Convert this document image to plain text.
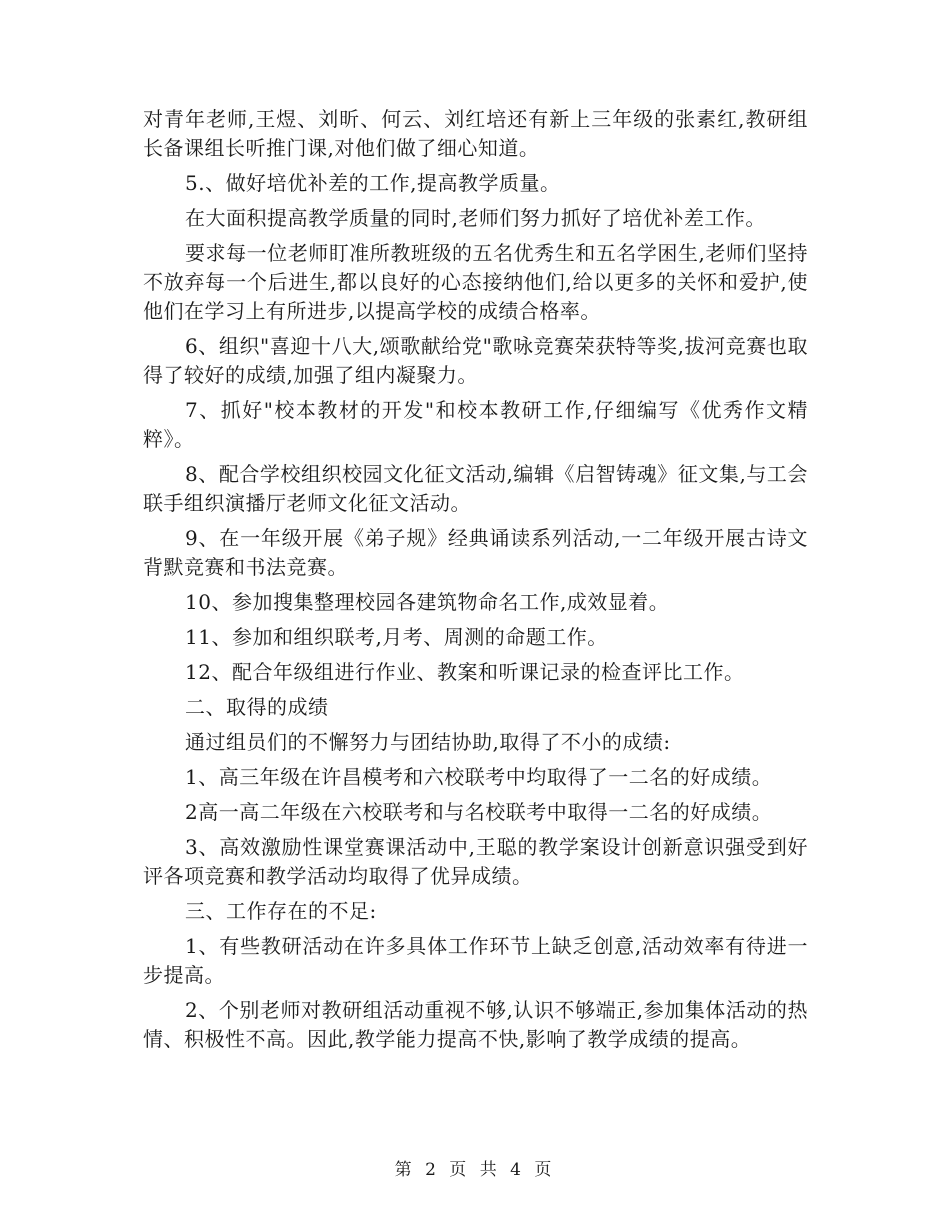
对青年老师,王煜、刘昕、何云、刘红培还有新上三年级的张素红,教研组长备课组长听推门课,对他们做了细心知道。

5.、做好培优补差的工作,提高教学质量。

在大面积提高教学质量的同时,老师们努力抓好了培优补差工作。

要求每一位老师盯准所教班级的五名优秀生和五名学困生,老师们坚持不放弃每一个后进生,都以良好的心态接纳他们,给以更多的关怀和爱护,使他们在学习上有所进步,以提高学校的成绩合格率。

6、组织"喜迎十八大,颂歌献给党"歌咏竞赛荣获特等奖,拔河竞赛也取得了较好的成绩,加强了组内凝聚力。

7、抓好"校本教材的开发"和校本教研工作,仔细编写《优秀作文精粹》。

8、配合学校组织校园文化征文活动,编辑《启智铸魂》征文集,与工会联手组织演播厅老师文化征文活动。

9、在一年级开展《弟子规》经典诵读系列活动,一二年级开展古诗文背默竞赛和书法竞赛。

10、参加搜集整理校园各建筑物命名工作,成效显着。

11、参加和组织联考,月考、周测的命题工作。

12、配合年级组进行作业、教案和听课记录的检查评比工作。

二、取得的成绩

通过组员们的不懈努力与团结协助,取得了不小的成绩:

1、高三年级在许昌模考和六校联考中均取得了一二名的好成绩。

2高一高二年级在六校联考和与名校联考中取得一二名的好成绩。

3、高效激励性课堂赛课活动中,王聪的教学案设计创新意识强受到好评各项竞赛和教学活动均取得了优异成绩。

三、工作存在的不足:

1、有些教研活动在许多具体工作环节上缺乏创意,活动效率有待进一步提高。

2、个别老师对教研组活动重视不够,认识不够端正,参加集体活动的热情、积极性不高。因此,教学能力提高不快,影响了教学成绩的提高。

第 2 页 共 4 页
